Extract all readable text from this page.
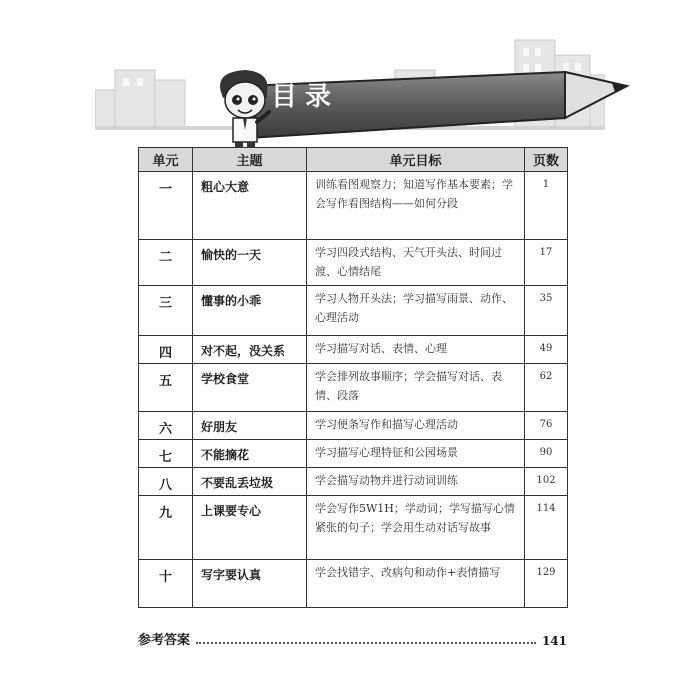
目录
单元	主题	单元目标	页数
一	粗心大意	训练看图观察力；知道写作基本要素；学会写作看图结构——如何分段	1
二	愉快的一天	学习四段式结构、天气开头法、时间过渡、心情结尾	17
三	懂事的小乖	学习人物开头法；学习描写雨景、动作、心理活动	35
四	对不起，没关系	学习描写对话、表情、心理	49
五	学校食堂	学会排列故事顺序；学会描写对话、表情、段落	62
六	好朋友	学习便条写作和描写心理活动	76
七	不能摘花	学习描写心理特征和公园场景	90
八	不要乱丢垃圾	学会描写动物并进行动词训练	102
九	上课要专心	学会写作5W1H；学动词；学写描写心情紧张的句子；学会用生动对话写故事	114
十	写字要认真	学会找错字、改病句和动作+表情描写	129
参考答案	141
